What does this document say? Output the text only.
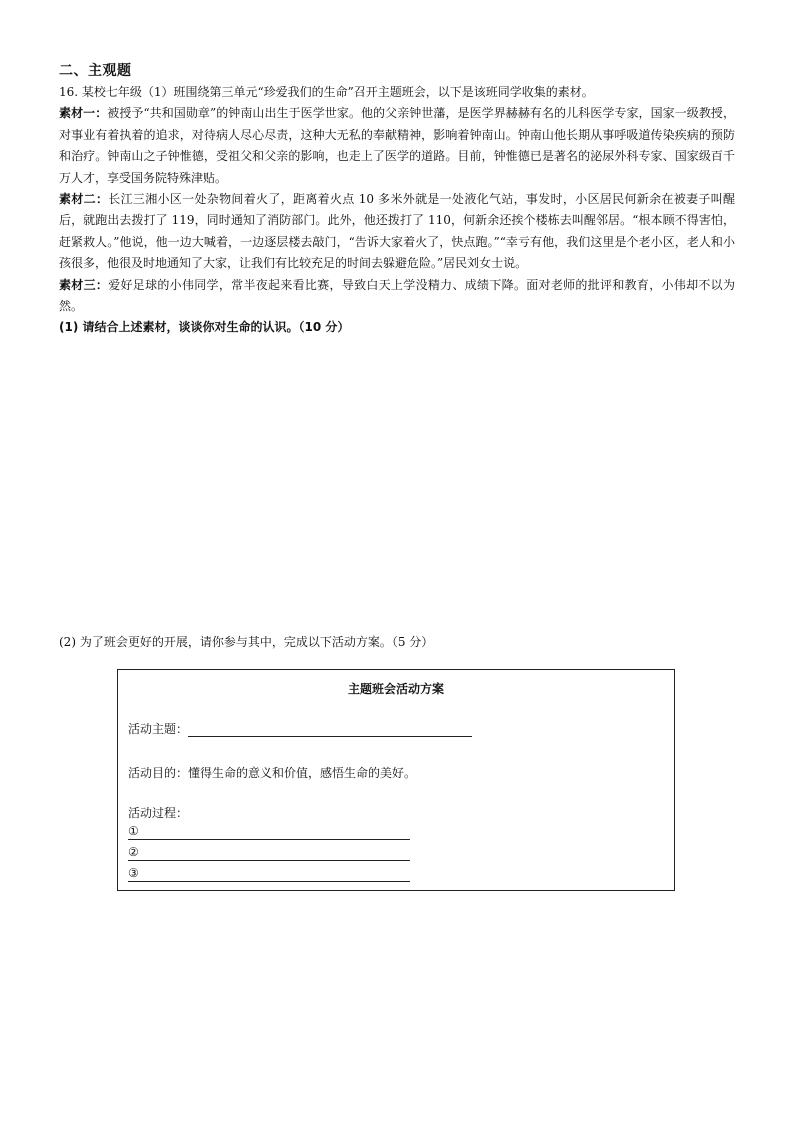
二、主观题

16. 某校七年级（1）班围绕第三单元“珍爱我们的生命”召开主题班会，以下是该班同学收集的素材。

素材一：被授予“共和国勋章”的钟南山出生于医学世家。他的父亲钟世藩，是医学界赫赫有名的儿科医学专家，国家一级教授，对事业有着执着的追求，对待病人尽心尽责，这种大无私的奉献精神，影响着钟南山。钟南山他长期从事呼吸道传染疾病的预防和治疗。钟南山之子钟惟德，受祖父和父亲的影响，也走上了医学的道路。目前，钟惟德已是著名的泌尿外科专家、国家级百千万人才，享受国务院特殊津贴。

素材二：长江三湘小区一处杂物间着火了，距离着火点 10 多米外就是一处液化气站，事发时，小区居民何新余在被妻子叫醒后，就跑出去拨打了 119，同时通知了消防部门。此外，他还拨打了 110，何新余还挨个楼栋去叫醒邻居。“根本顾不得害怕，赶紧救人。”他说，他一边大喊着，一边逐层楼去敲门，“告诉大家着火了，快点跑。”“幸亏有他，我们这里是个老小区，老人和小孩很多，他很及时地通知了大家，让我们有比较充足的时间去躲避危险。”居民刘女士说。

素材三：爱好足球的小伟同学，常半夜起来看比赛，导致白天上学没精力、成绩下降。面对老师的批评和教育，小伟却不以为然。

(1) 请结合上述素材，谈谈你对生命的认识。（10 分）

(2) 为了班会更好的开展，请你参与其中，完成以下活动方案。（5 分）
主题班会活动方案
活动主题：
活动目的：懂得生命的意义和价值，感悟生命的美好。
活动过程：
①
②
③
